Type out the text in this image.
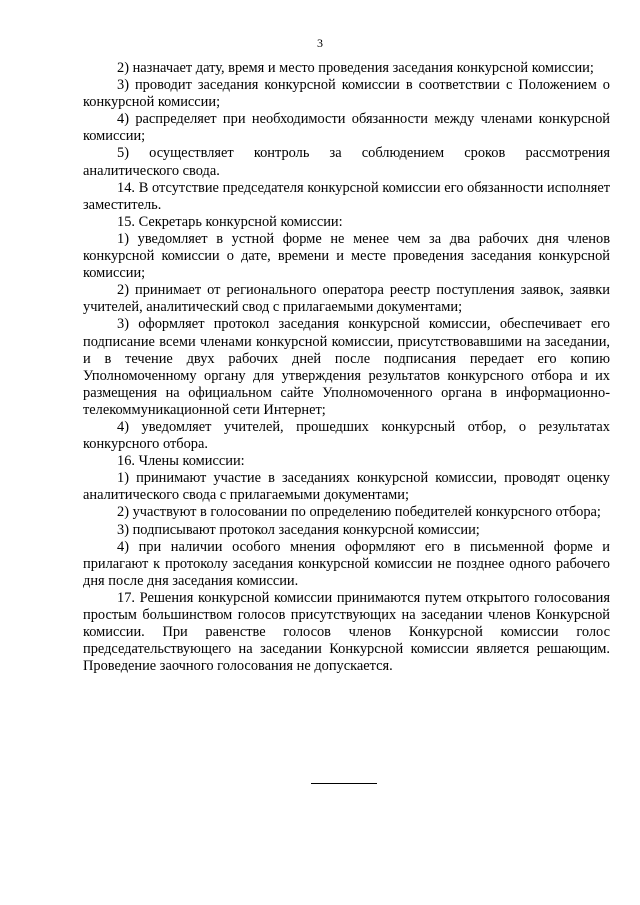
3

2) назначает дату, время и место проведения заседания конкурсной комиссии;

3) проводит заседания конкурсной комиссии в соответствии с Положением о конкурсной комиссии;

4) распределяет при необходимости обязанности между членами конкурсной комиссии;

5) осуществляет контроль за соблюдением сроков рассмотрения аналитического свода.

14. В отсутствие председателя конкурсной комиссии его обязанности исполняет заместитель.

15. Секретарь конкурсной комиссии:

1) уведомляет в устной форме не менее чем за два рабочих дня членов конкурсной комиссии о дате, времени и месте проведения заседания конкурсной комиссии;

2) принимает от регионального оператора реестр поступления заявок, заявки учителей, аналитический свод с прилагаемыми документами;

3) оформляет протокол заседания конкурсной комиссии, обеспечивает его подписание всеми членами конкурсной комиссии, присутствовавшими на заседании, и в течение двух рабочих дней после подписания передает его копию Уполномоченному органу для утверждения результатов конкурсного отбора и их размещения на официальном сайте Уполномоченного органа в информационно-телекоммуникационной сети Интернет;

4) уведомляет учителей, прошедших конкурсный отбор, о результатах конкурсного отбора.

16. Члены комиссии:

1) принимают участие в заседаниях конкурсной комиссии, проводят оценку аналитического свода с прилагаемыми документами;

2) участвуют в голосовании по определению победителей конкурсного отбора;

3) подписывают протокол заседания конкурсной комиссии;

4) при наличии особого мнения оформляют его в письменной форме и прилагают к протоколу заседания конкурсной комиссии не позднее одного рабочего дня после дня заседания комиссии.

17. Решения конкурсной комиссии принимаются путем открытого голосования простым большинством голосов присутствующих на заседании членов Конкурсной комиссии. При равенстве голосов членов Конкурсной комиссии голос председательствующего на заседании Конкурсной комиссии является решающим. Проведение заочного голосования не допускается.
